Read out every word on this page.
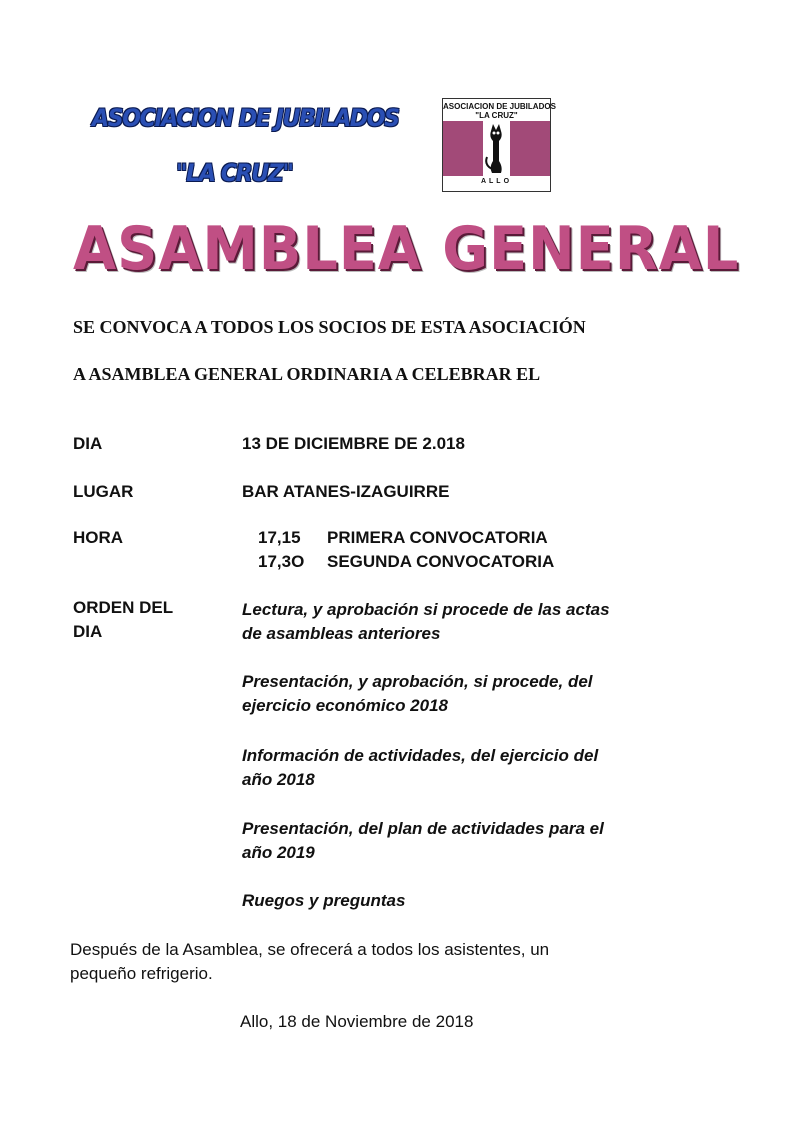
ASOCIACION DE JUBILADOS
"LA CRUZ"
ASOCIACION DE JUBILADOS
"LA CRUZ"
ALLO
ASAMBLEA GENERAL
SE CONVOCA A TODOS LOS SOCIOS DE ESTA ASOCIACIÓN
A ASAMBLEA GENERAL ORDINARIA A CELEBRAR EL
DIA	13 DE DICIEMBRE DE 2.018
LUGAR	BAR ATANES-IZAGUIRRE
HORA	17,15 PRIMERA CONVOCATORIA
17,3O SEGUNDA CONVOCATORIA
ORDEN DEL
DIA
Lectura, y aprobación si procede de las actas
de asambleas anteriores
Presentación, y aprobación, si procede, del
ejercicio económico 2018
Información de actividades, del ejercicio del
año 2018
Presentación, del plan de actividades para el
año 2019
Ruegos y preguntas
Después de la Asamblea, se ofrecerá a todos los asistentes, un
pequeño refrigerio.
Allo, 18 de Noviembre de 2018
